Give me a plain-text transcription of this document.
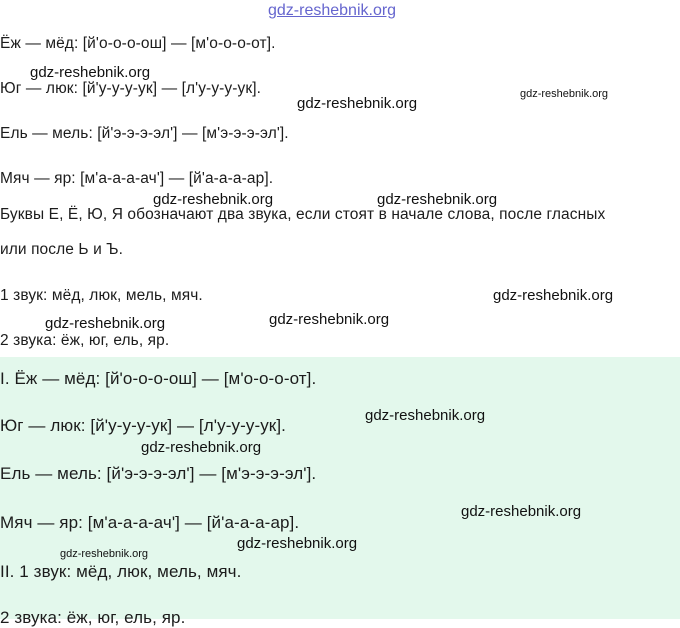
gdz-reshebnik.org
Ёж — мёд: [й'о-о-о-ош] — [м'о-о-о-от].
Юг — люк: [й'у-у-у-ук] — [л'у-у-у-ук].
Ель — мель: [й'э-э-э-эл'] — [м'э-э-э-эл'].
Мяч — яр: [м'а-а-а-ач'] — [й'а-а-а-ар].
Буквы Е, Ё, Ю, Я обозначают два звука, если стоят в начале слова, после гласных
или после Ь и Ъ.
1 звук: мёд, люк, мель, мяч.
2 звука: ёж, юг, ель, яр.
I. Ёж — мёд: [й'о-о-о-ош] — [м'о-о-о-от].
Юг — люк: [й'у-у-у-ук] — [л'у-у-у-ук].
Ель — мель: [й'э-э-э-эл'] — [м'э-э-э-эл'].
Мяч — яр: [м'а-а-а-ач'] — [й'а-а-а-ар].
II. 1 звук: мёд, люк, мель, мяч.
2 звука: ёж, юг, ель, яр.
gdz-reshebnik.org
gdz-reshebnik.org
gdz-reshebnik.org
gdz-reshebnik.org	gdz-reshebnik.org
gdz-reshebnik.org
gdz-reshebnik.org
gdz-reshebnik.org
gdz-reshebnik.org
gdz-reshebnik.org
gdz-reshebnik.org
gdz-reshebnik.org
gdz-reshebnik.org
